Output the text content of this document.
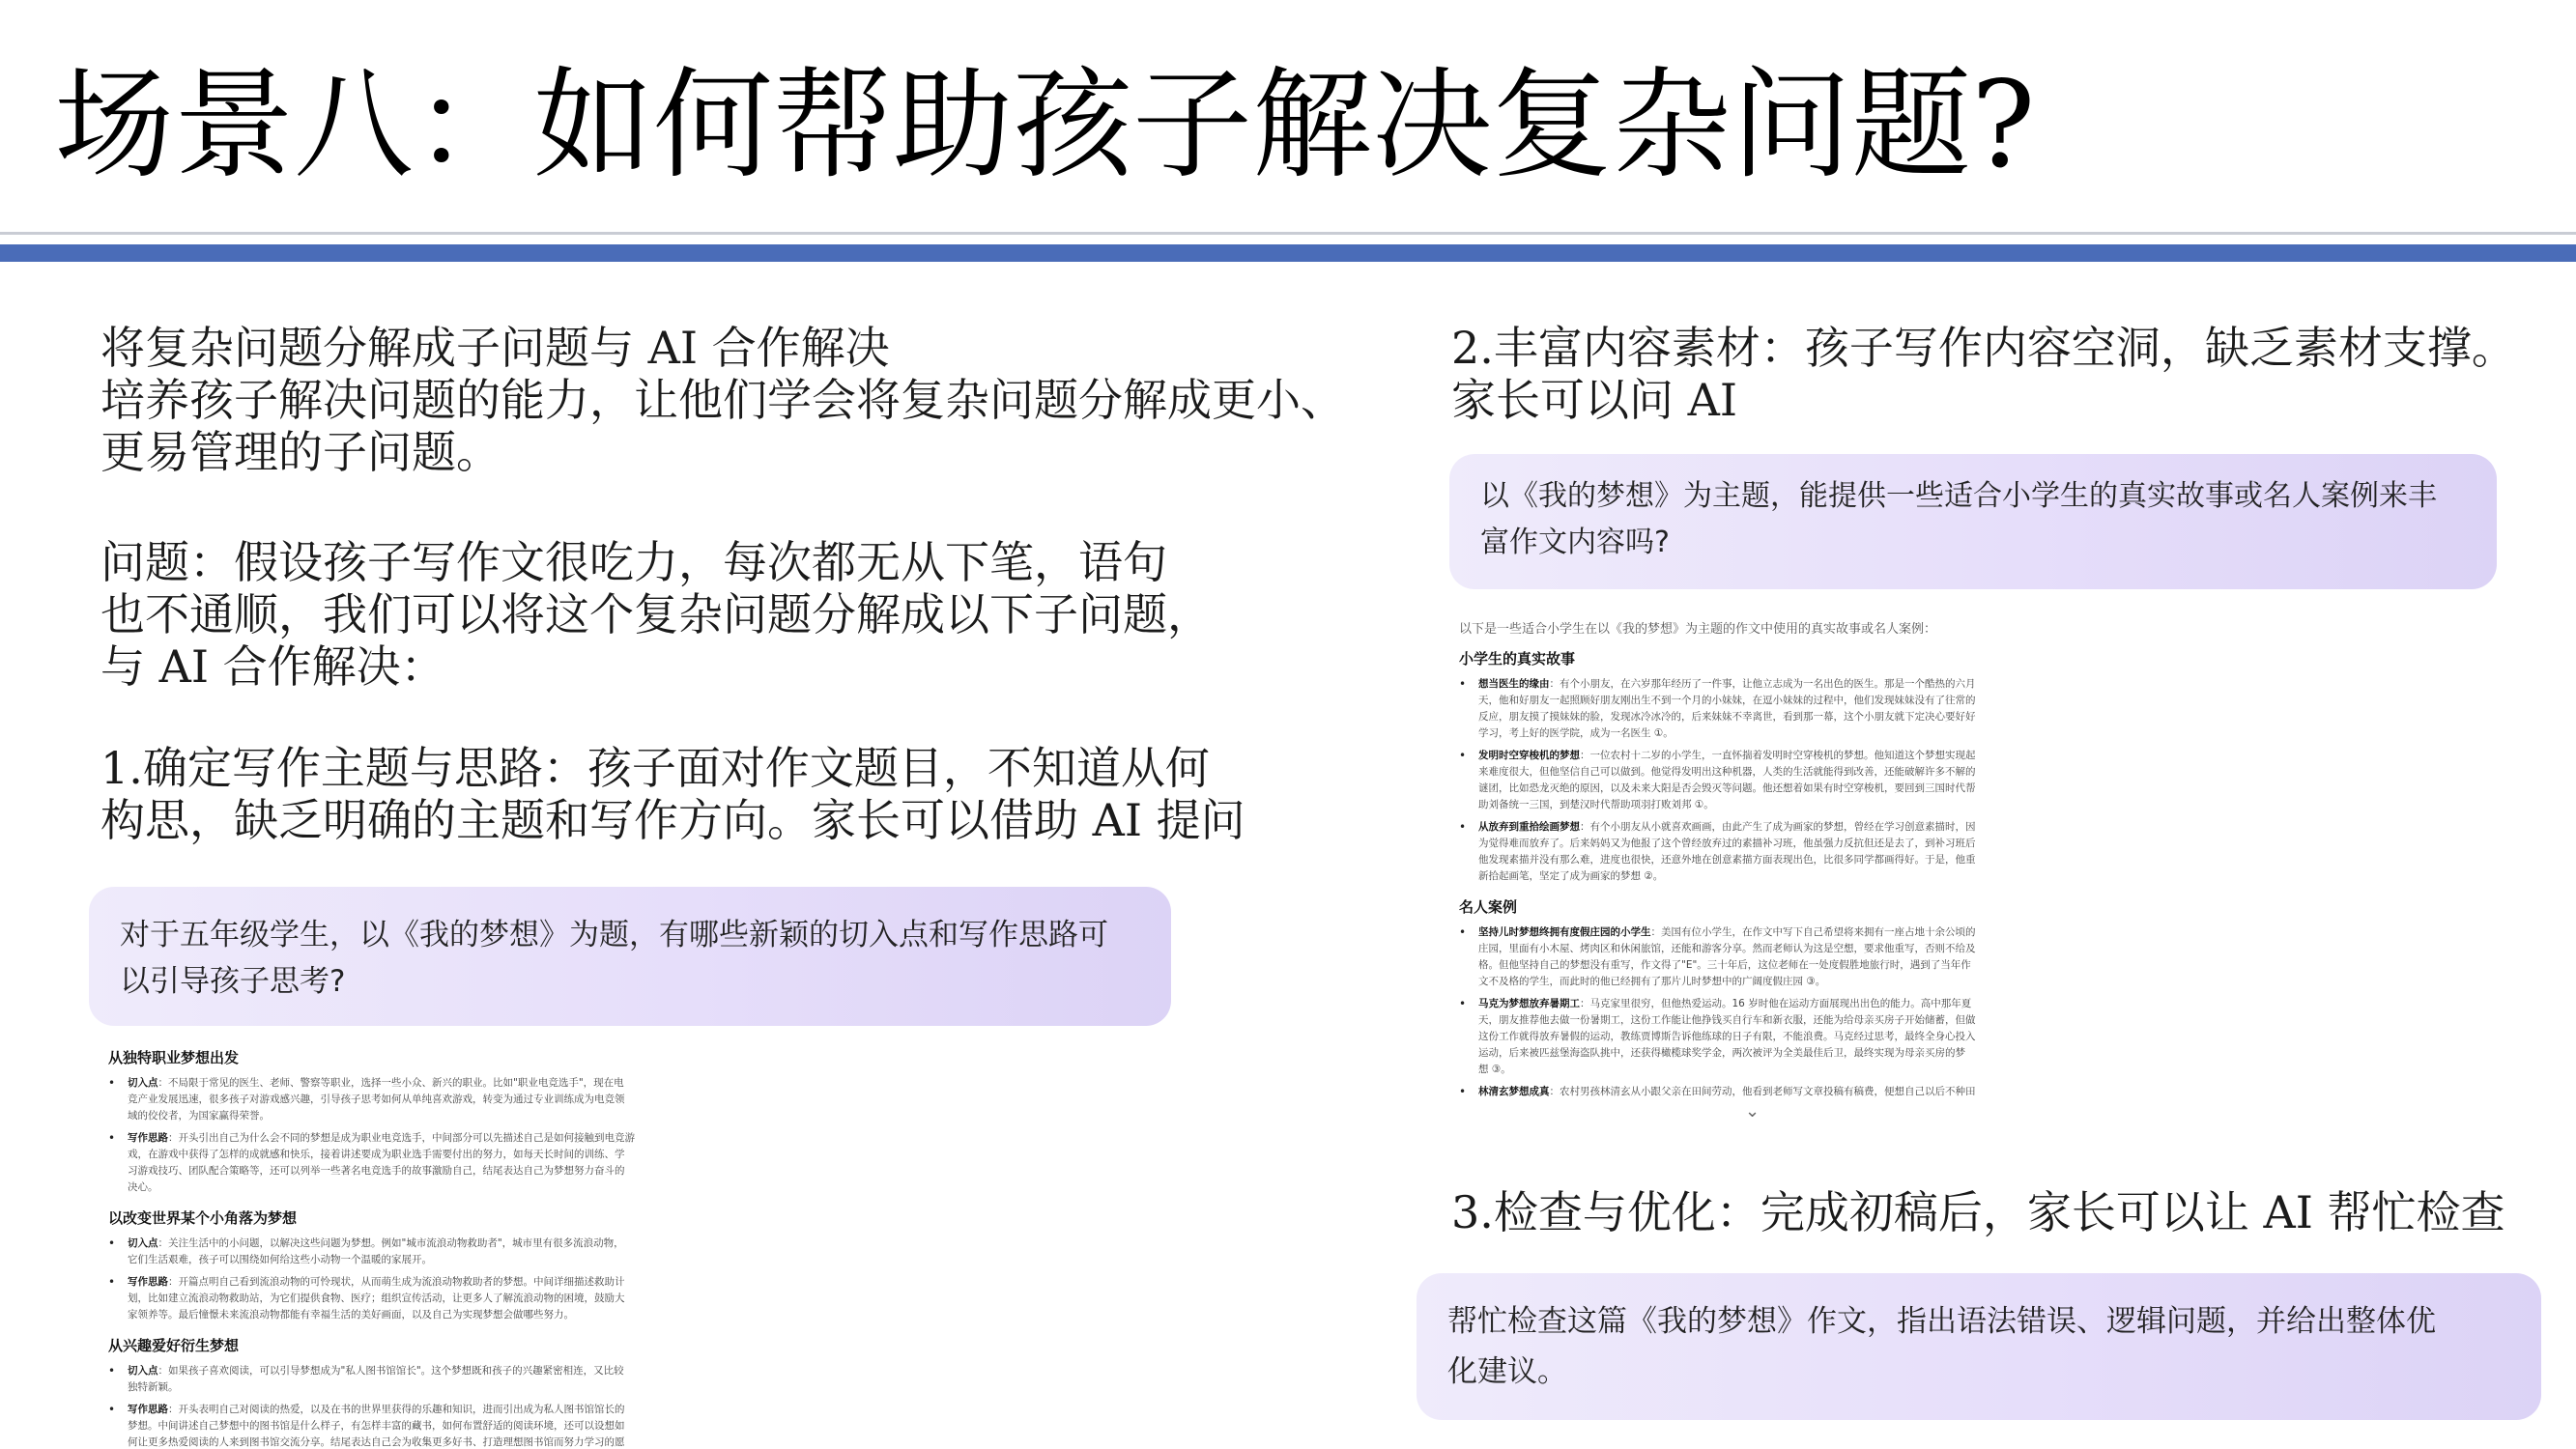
场景八：如何帮助孩子解决复杂问题?
将复杂问题分解成子问题与 AI 合作解决
培养孩子解决问题的能力，让他们学会将复杂问题分解成更小、
更易管理的子问题。
问题：假设孩子写作文很吃力，每次都无从下笔，语句
也不通顺，我们可以将这个复杂问题分解成以下子问题，
与 AI 合作解决：
1.确定写作主题与思路：孩子面对作文题目，不知道从何
构思，缺乏明确的主题和写作方向。家长可以借助 AI 提问
对于五年级学生，以《我的梦想》为题，有哪些新颖的切入点和写作思路可
以引导孩子思考?
从独特职业梦想出发
•	切入点：不局限于常见的医生、老师、警察等职业，选择一些小众、新兴的职业。比如"职业电竞选手"，现在电
竞产业发展迅速，很多孩子对游戏感兴趣，引导孩子思考如何从单纯喜欢游戏，转变为通过专业训练成为电竞领
域的佼佼者，为国家赢得荣誉。
•	写作思路：开头引出自己为什么会不同的梦想是成为职业电竞选手，中间部分可以先描述自己是如何接触到电竞游
戏，在游戏中获得了怎样的成就感和快乐，接着讲述要成为职业选手需要付出的努力，如每天长时间的训练、学
习游戏技巧、团队配合策略等，还可以列举一些著名电竞选手的故事激励自己，结尾表达自己为梦想努力奋斗的
决心。
以改变世界某个小角落为梦想
•	切入点：关注生活中的小问题，以解决这些问题为梦想。例如"城市流浪动物救助者"，城市里有很多流浪动物，
它们生活艰难，孩子可以围绕如何给这些小动物一个温暖的家展开。
•	写作思路：开篇点明自己看到流浪动物的可怜现状，从而萌生成为流浪动物救助者的梦想。中间详细描述救助计
划，比如建立流浪动物救助站，为它们提供食物、医疗；组织宣传活动，让更多人了解流浪动物的困境，鼓励大
家领养等。最后憧憬未来流浪动物都能有幸福生活的美好画面，以及自己为实现梦想会做哪些努力。
从兴趣爱好衍生梦想
•	切入点：如果孩子喜欢阅读，可以引导梦想成为"私人图书馆馆长"。这个梦想既和孩子的兴趣紧密相连，又比较
独特新颖。
•	写作思路：开头表明自己对阅读的热爱，以及在书的世界里获得的乐趣和知识，进而引出成为私人图书馆馆长的
梦想。中间讲述自己梦想中的图书馆是什么样子，有怎样丰富的藏书，如何布置舒适的阅读环境，还可以设想如
何让更多热爱阅读的人来到图书馆交流分享。结尾表达自己会为收集更多好书、打造理想图书馆而努力学习的愿
2.丰富内容素材：孩子写作内容空洞，缺乏素材支撑。
家长可以问 AI
以《我的梦想》为主题，能提供一些适合小学生的真实故事或名人案例来丰
富作文内容吗?
以下是一些适合小学生在以《我的梦想》为主题的作文中使用的真实故事或名人案例：
小学生的真实故事
•	想当医生的缘由：有个小朋友，在六岁那年经历了一件事，让他立志成为一名出色的医生。那是一个酷热的六月
天，他和好朋友一起照顾好朋友刚出生不到一个月的小妹妹，在逗小妹妹的过程中，他们发现妹妹没有了往常的
反应，朋友摸了摸妹妹的脸，发现冰冷冰冷的，后来妹妹不幸离世，看到那一幕，这个小朋友就下定决心要好好
学习，考上好的医学院，成为一名医生 ①。
•	发明时空穿梭机的梦想：一位农村十二岁的小学生，一直怀揣着发明时空穿梭机的梦想。他知道这个梦想实现起
来难度很大，但他坚信自己可以做到。他觉得发明出这种机器，人类的生活就能得到改善，还能破解许多不解的
谜团，比如恐龙灭绝的原因，以及未来大阳是否会毁灭等问题。他还想着如果有时空穿梭机，要回到三国时代帮
助刘备统一三国，到楚汉时代帮助项羽打败刘邦 ①。
•	从放弃到重拾绘画梦想：有个小朋友从小就喜欢画画，由此产生了成为画家的梦想，曾经在学习创意素描时，因
为觉得难而放弃了。后来妈妈又为他报了这个曾经放弃过的素描补习班，他虽强力反抗但还是去了，到补习班后
他发现素描并没有那么难，进度也很快，还意外地在创意素描方面表现出色，比很多同学都画得好。于是，他重
新拾起画笔，坚定了成为画家的梦想 ②。
名人案例
•	坚持儿时梦想终拥有度假庄园的小学生：美国有位小学生，在作文中写下自己希望将来拥有一座占地十余公顷的
庄园，里面有小木屋、烤肉区和休闲旅馆，还能和游客分享。然而老师认为这是空想，要求他重写，否则不给及
格。但他坚持自己的梦想没有重写，作文得了"E"。三十年后，这位老师在一处度假胜地旅行时，遇到了当年作
文不及格的学生，而此时的他已经拥有了那片儿时梦想中的广阔度假庄园 ③。
•	马克为梦想放弃暑期工：马克家里很穷，但他热爱运动。16 岁时他在运动方面展现出出色的能力。高中那年夏
天，朋友推荐他去做一份暑期工，这份工作能让他挣钱买自行车和新衣服，还能为给母亲买房子开始储蓄，但做
这份工作就得放弃暑假的运动，教练贾博斯告诉他练球的日子有限，不能浪费。马克经过思考，最终全身心投入
运动，后来被匹兹堡海盗队挑中，还获得橄榄球奖学金，两次被评为全美最佳后卫，最终实现为母亲买房的梦
想 ③。
•	林清玄梦想成真：农村男孩林清玄从小跟父亲在田间劳动，他看到老师写文章投稿有稿费，便想自己以后不种田
⌄
3.检查与优化：完成初稿后，家长可以让 AI 帮忙检查
帮忙检查这篇《我的梦想》作文，指出语法错误、逻辑问题，并给出整体优
化建议。
